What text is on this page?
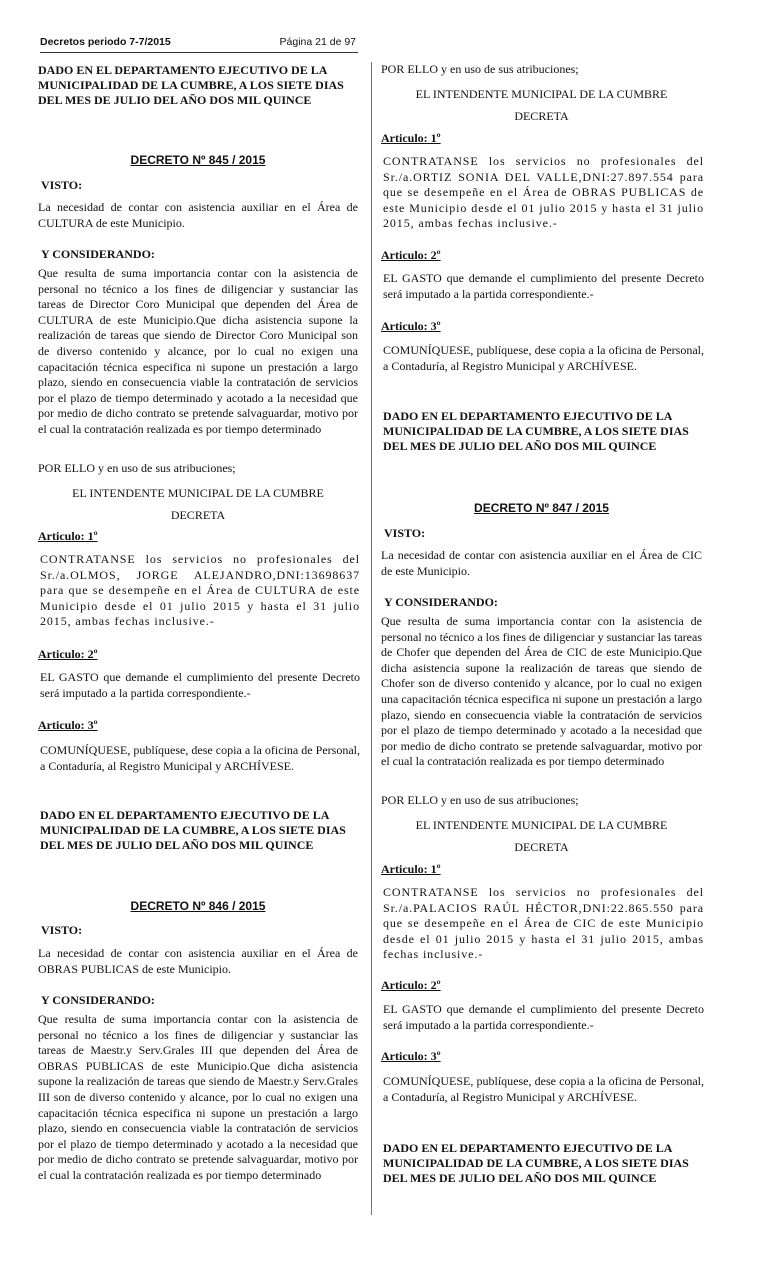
Decretos periodo 7-7/2015	Página 21 de 97
DADO EN EL DEPARTAMENTO EJECUTIVO DE LA MUNICIPALIDAD DE LA CUMBRE, A LOS SIETE DIAS DEL MES DE JULIO DEL AÑO DOS MIL QUINCE
DECRETO Nº 845 / 2015
VISTO:
La necesidad de contar con asistencia auxiliar en el Área de CULTURA de este Municipio.
Y CONSIDERANDO:
Que resulta de suma importancia contar con la asistencia de personal no técnico a los fines de diligenciar y sustanciar las tareas de Director Coro Municipal que dependen del Área de CULTURA de este Municipio.Que dicha asistencia supone la realización de tareas que siendo de Director Coro Municipal son de diverso contenido y alcance, por lo cual no exigen una capacitación técnica especifica ni supone un prestación a largo plazo, siendo en consecuencia viable la contratación de servicios por el plazo de tiempo determinado y acotado a la necesidad que por medio de dicho contrato se pretende salvaguardar, motivo por el cual la contratación realizada es por tiempo determinado
POR ELLO y en uso de sus atribuciones;
EL INTENDENTE MUNICIPAL DE LA CUMBRE
DECRETA
Articulo: 1º
CONTRATANSE los servicios no profesionales del Sr./a.OLMOS, JORGE ALEJANDRO,DNI:13698637 para que se desempeñe en el Área de CULTURA de este Municipio desde el 01 julio 2015 y hasta el 31 julio 2015, ambas fechas inclusive.-
Articulo: 2º
EL GASTO que demande el cumplimiento del presente Decreto será imputado a la partida correspondiente.-
Articulo: 3º
COMUNÍQUESE, publíquese, dese copia a la oficina de Personal, a Contaduría, al Registro Municipal y ARCHÍVESE.
DADO EN EL DEPARTAMENTO EJECUTIVO DE LA MUNICIPALIDAD DE LA CUMBRE, A LOS SIETE DIAS DEL MES DE JULIO DEL AÑO DOS MIL QUINCE
DECRETO Nº 846 / 2015
VISTO:
La necesidad de contar con asistencia auxiliar en el Área de OBRAS PUBLICAS de este Municipio.
Y CONSIDERANDO:
Que resulta de suma importancia contar con la asistencia de personal no técnico a los fines de diligenciar y sustanciar las tareas de Maestr.y Serv.Grales III que dependen del Área de OBRAS PUBLICAS de este Municipio.Que dicha asistencia supone la realización de tareas que siendo de Maestr.y Serv.Grales III son de diverso contenido y alcance, por lo cual no exigen una capacitación técnica especifica ni supone un prestación a largo plazo, siendo en consecuencia viable la contratación de servicios por el plazo de tiempo determinado y acotado a la necesidad que por medio de dicho contrato se pretende salvaguardar, motivo por el cual la contratación realizada es por tiempo determinado
POR ELLO y en uso de sus atribuciones;
EL INTENDENTE MUNICIPAL DE LA CUMBRE
DECRETA
Articulo: 1º
CONTRATANSE los servicios no profesionales del Sr./a.ORTIZ SONIA DEL VALLE,DNI:27.897.554 para que se desempeñe en el Área de OBRAS PUBLICAS de este Municipio desde el 01 julio 2015 y hasta el 31 julio 2015, ambas fechas inclusive.-
Articulo: 2º
EL GASTO que demande el cumplimiento del presente Decreto será imputado a la partida correspondiente.-
Articulo: 3º
COMUNÍQUESE, publíquese, dese copia a la oficina de Personal, a Contaduría, al Registro Municipal y ARCHÍVESE.
DADO EN EL DEPARTAMENTO EJECUTIVO DE LA MUNICIPALIDAD DE LA CUMBRE, A LOS SIETE DIAS DEL MES DE JULIO DEL AÑO DOS MIL QUINCE
DECRETO Nº 847 / 2015
VISTO:
La necesidad de contar con asistencia auxiliar en el Área de CIC de este Municipio.
Y CONSIDERANDO:
Que resulta de suma importancia contar con la asistencia de personal no técnico a los fines de diligenciar y sustanciar las tareas de Chofer que dependen del Área de CIC de este Municipio.Que dicha asistencia supone la realización de tareas que siendo de Chofer son de diverso contenido y alcance, por lo cual no exigen una capacitación técnica especifica ni supone un prestación a largo plazo, siendo en consecuencia viable la contratación de servicios por el plazo de tiempo determinado y acotado a la necesidad que por medio de dicho contrato se pretende salvaguardar, motivo por el cual la contratación realizada es por tiempo determinado
POR ELLO y en uso de sus atribuciones;
EL INTENDENTE MUNICIPAL DE LA CUMBRE
DECRETA
Articulo: 1º
CONTRATANSE los servicios no profesionales del Sr./a.PALACIOS RAÚL HÉCTOR,DNI:22.865.550 para que se desempeñe en el Área de CIC de este Municipio desde el 01 julio 2015 y hasta el 31 julio 2015, ambas fechas inclusive.-
Articulo: 2º
EL GASTO que demande el cumplimiento del presente Decreto será imputado a la partida correspondiente.-
Articulo: 3º
COMUNÍQUESE, publíquese, dese copia a la oficina de Personal, a Contaduría, al Registro Municipal y ARCHÍVESE.
DADO EN EL DEPARTAMENTO EJECUTIVO DE LA MUNICIPALIDAD DE LA CUMBRE, A LOS SIETE DIAS DEL MES DE JULIO DEL AÑO DOS MIL QUINCE
